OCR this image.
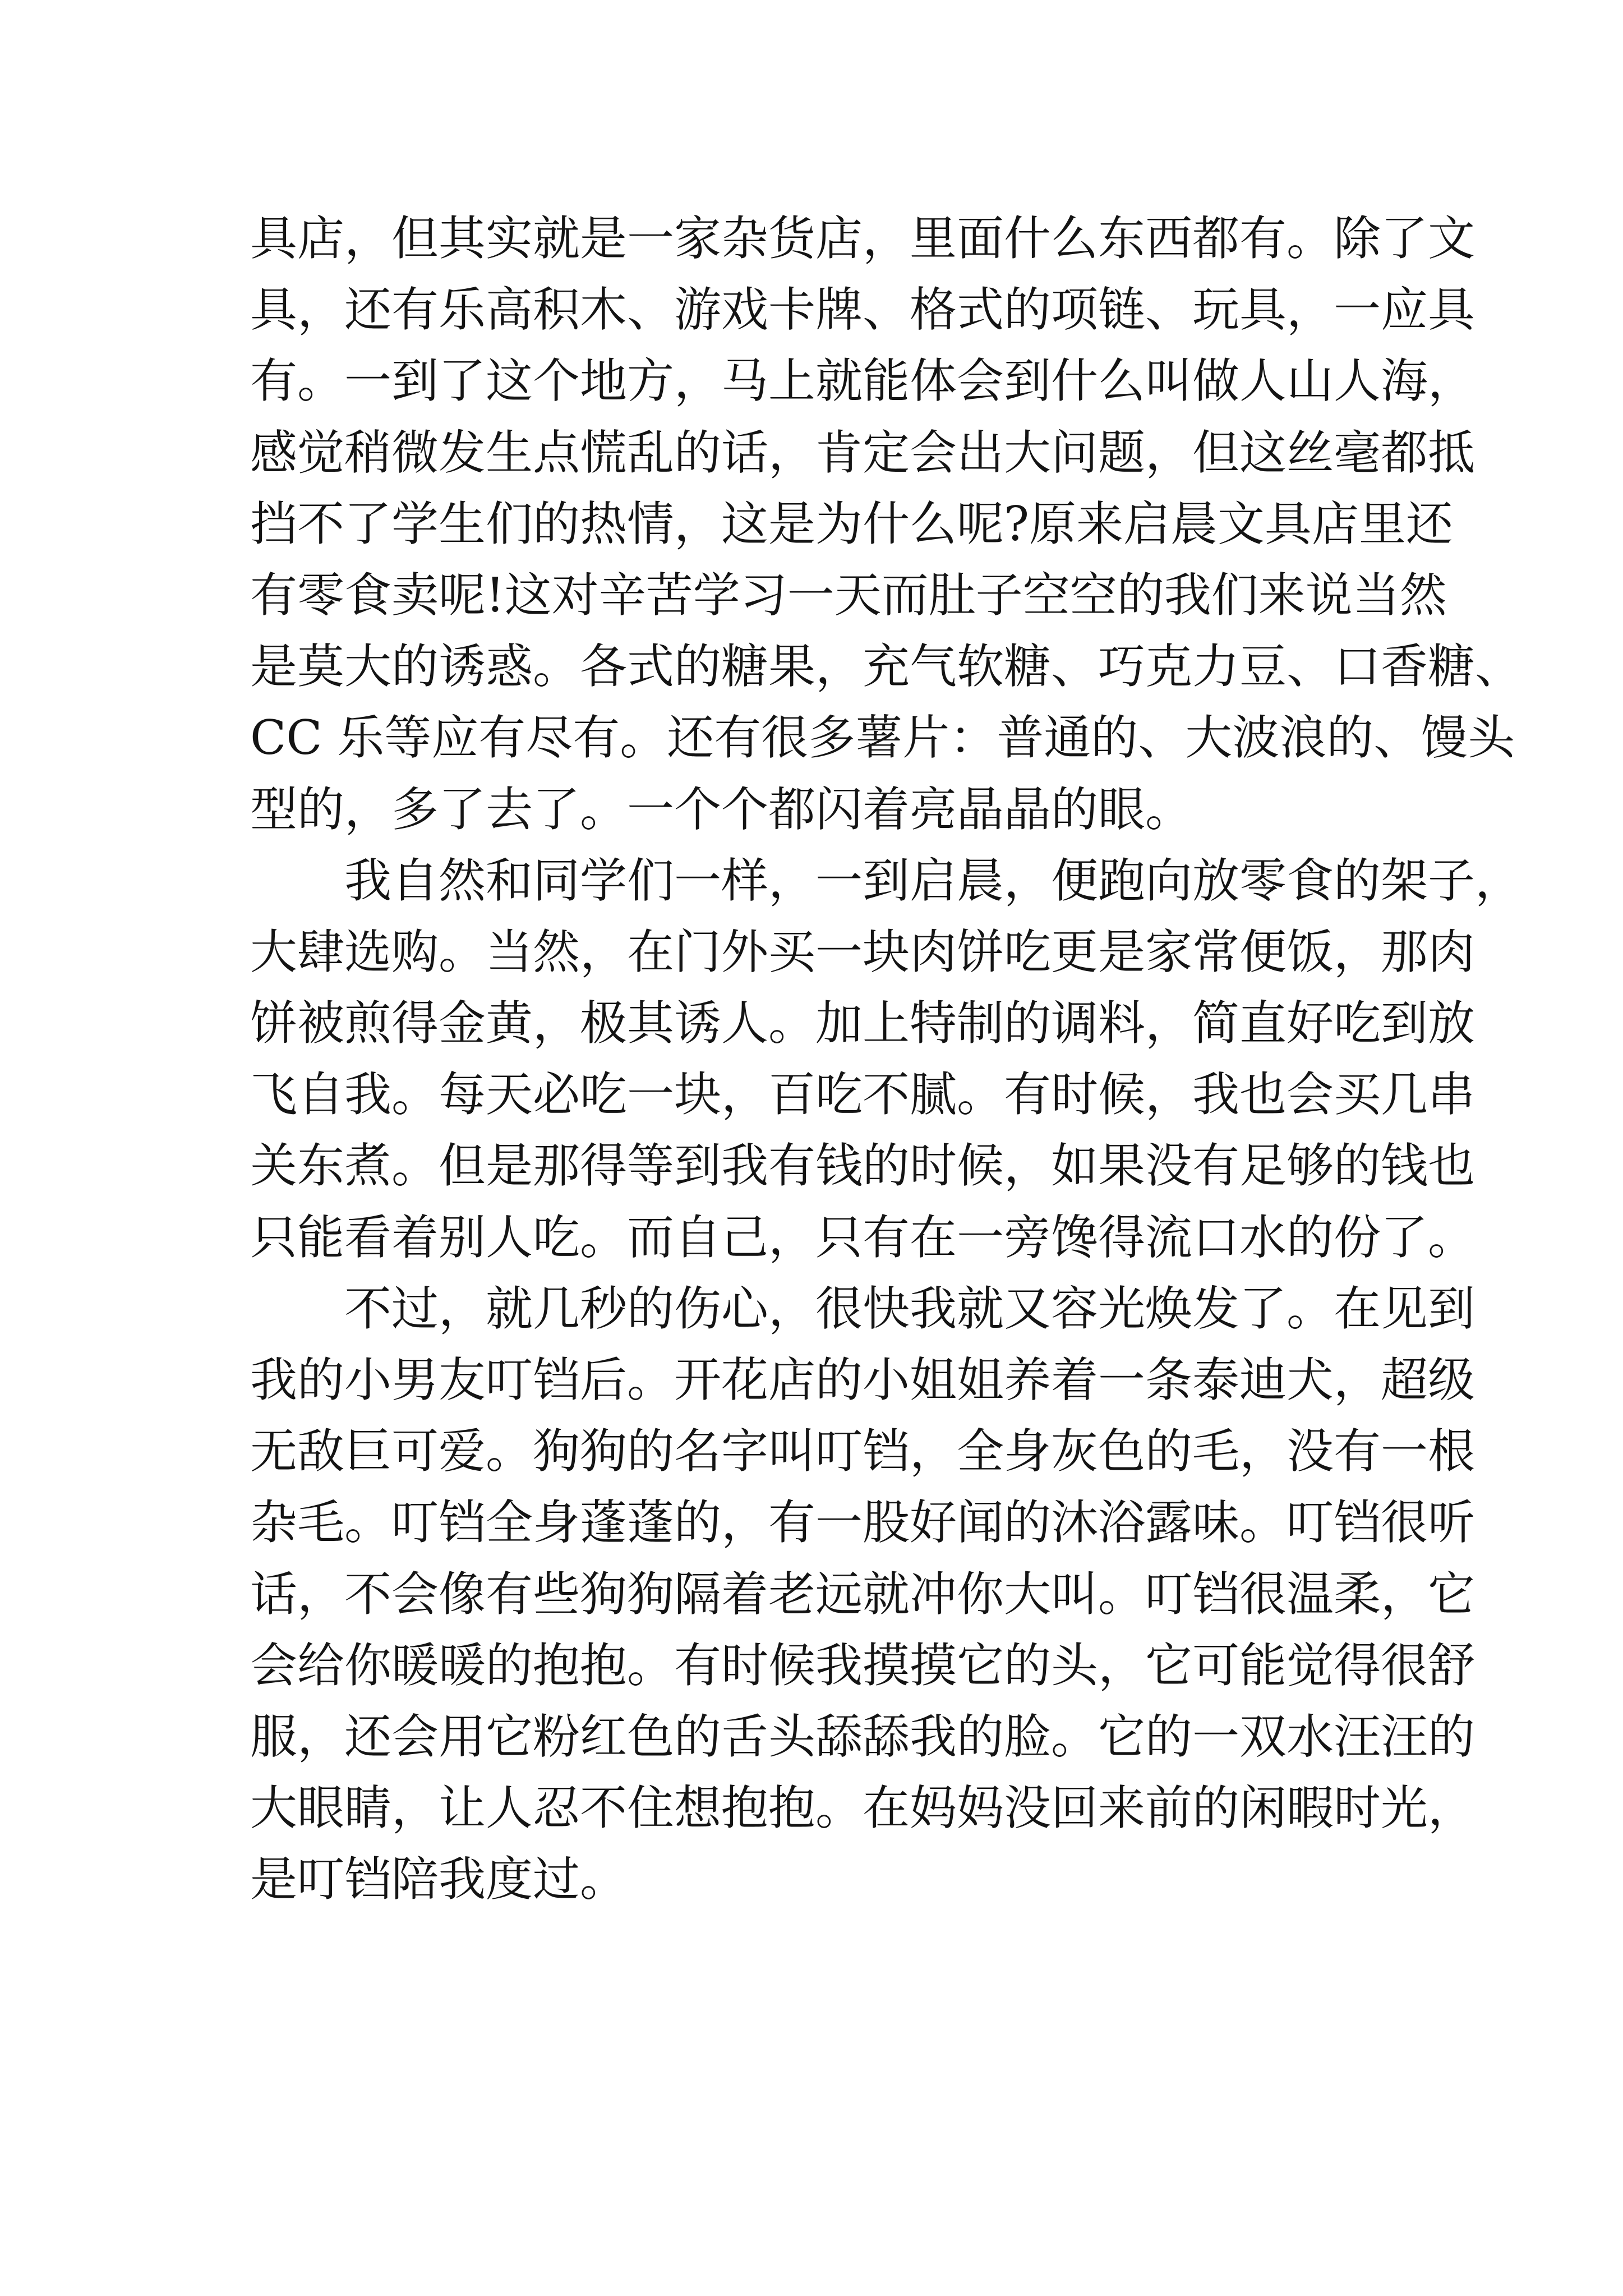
具店，但其实就是一家杂货店，里面什么东西都有。除了文
具，还有乐高积木、游戏卡牌、格式的项链、玩具，一应具
有。一到了这个地方，马上就能体会到什么叫做人山人海，
感觉稍微发生点慌乱的话，肯定会出大问题，但这丝毫都抵
挡不了学生们的热情，这是为什么呢?原来启晨文具店里还
有零食卖呢!这对辛苦学习一天而肚子空空的我们来说当然
是莫大的诱惑。各式的糖果，充气软糖、巧克力豆、口香糖、
CC 乐等应有尽有。还有很多薯片：普通的、大波浪的、馒头
型的，多了去了。一个个都闪着亮晶晶的眼。
我自然和同学们一样，一到启晨，便跑向放零食的架子，
大肆选购。当然，在门外买一块肉饼吃更是家常便饭，那肉
饼被煎得金黄，极其诱人。加上特制的调料，简直好吃到放
飞自我。每天必吃一块，百吃不腻。有时候，我也会买几串
关东煮。但是那得等到我有钱的时候，如果没有足够的钱也
只能看着别人吃。而自己，只有在一旁馋得流口水的份了。
不过，就几秒的伤心，很快我就又容光焕发了。在见到
我的小男友叮铛后。开花店的小姐姐养着一条泰迪犬，超级
无敌巨可爱。狗狗的名字叫叮铛，全身灰色的毛，没有一根
杂毛。叮铛全身蓬蓬的，有一股好闻的沐浴露味。叮铛很听
话，不会像有些狗狗隔着老远就冲你大叫。叮铛很温柔，它
会给你暖暖的抱抱。有时候我摸摸它的头，它可能觉得很舒
服，还会用它粉红色的舌头舔舔我的脸。它的一双水汪汪的
大眼睛，让人忍不住想抱抱。在妈妈没回来前的闲暇时光，
是叮铛陪我度过。
